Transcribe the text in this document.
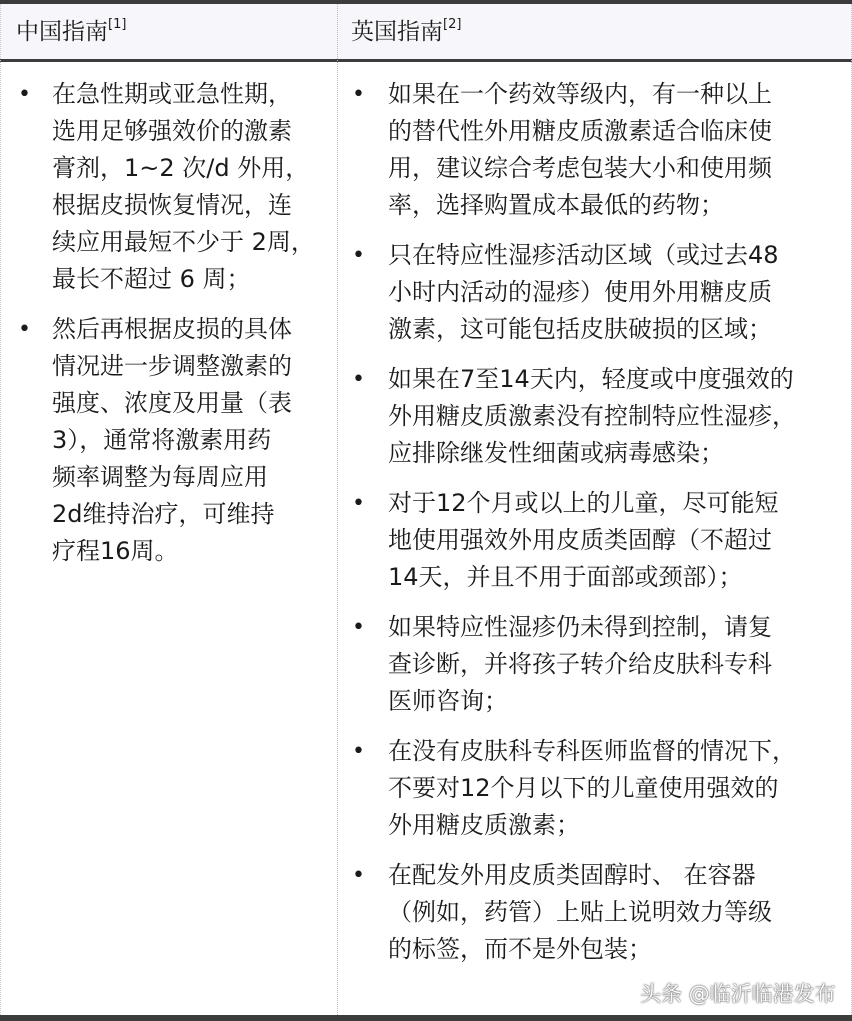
中国指南[1]	英国指南[2]
• 在急性期或亚急性期，
选用足够强效价的激素
膏剂，1~2 次/d 外用，
根据皮损恢复情况，连
续应用最短不少于 2周，
最长不超过 6 周；
• 然后再根据皮损的具体
情况进一步调整激素的
强度、浓度及用量（表
3），通常将激素用药
频率调整为每周应用
2d维持治疗，可维持
疗程16周。
• 如果在一个药效等级内，有一种以上
的替代性外用糖皮质激素适合临床使
用，建议综合考虑包装大小和使用频
率，选择购置成本最低的药物；
• 只在特应性湿疹活动区域（或过去48
小时内活动的湿疹）使用外用糖皮质
激素，这可能包括皮肤破损的区域；
• 如果在7至14天内，轻度或中度强效的
外用糖皮质激素没有控制特应性湿疹，
应排除继发性细菌或病毒感染；
• 对于12个月或以上的儿童，尽可能短
地使用强效外用皮质类固醇（不超过
14天，并且不用于面部或颈部）；
• 如果特应性湿疹仍未得到控制，请复
查诊断，并将孩子转介给皮肤科专科
医师咨询；
• 在没有皮肤科专科医师监督的情况下，
不要对12个月以下的儿童使用强效的
外用糖皮质激素；
• 在配发外用皮质类固醇时、 在容器
（例如，药管）上贴上说明效力等级
的标签，而不是外包装；
头条 @临沂临港发布
